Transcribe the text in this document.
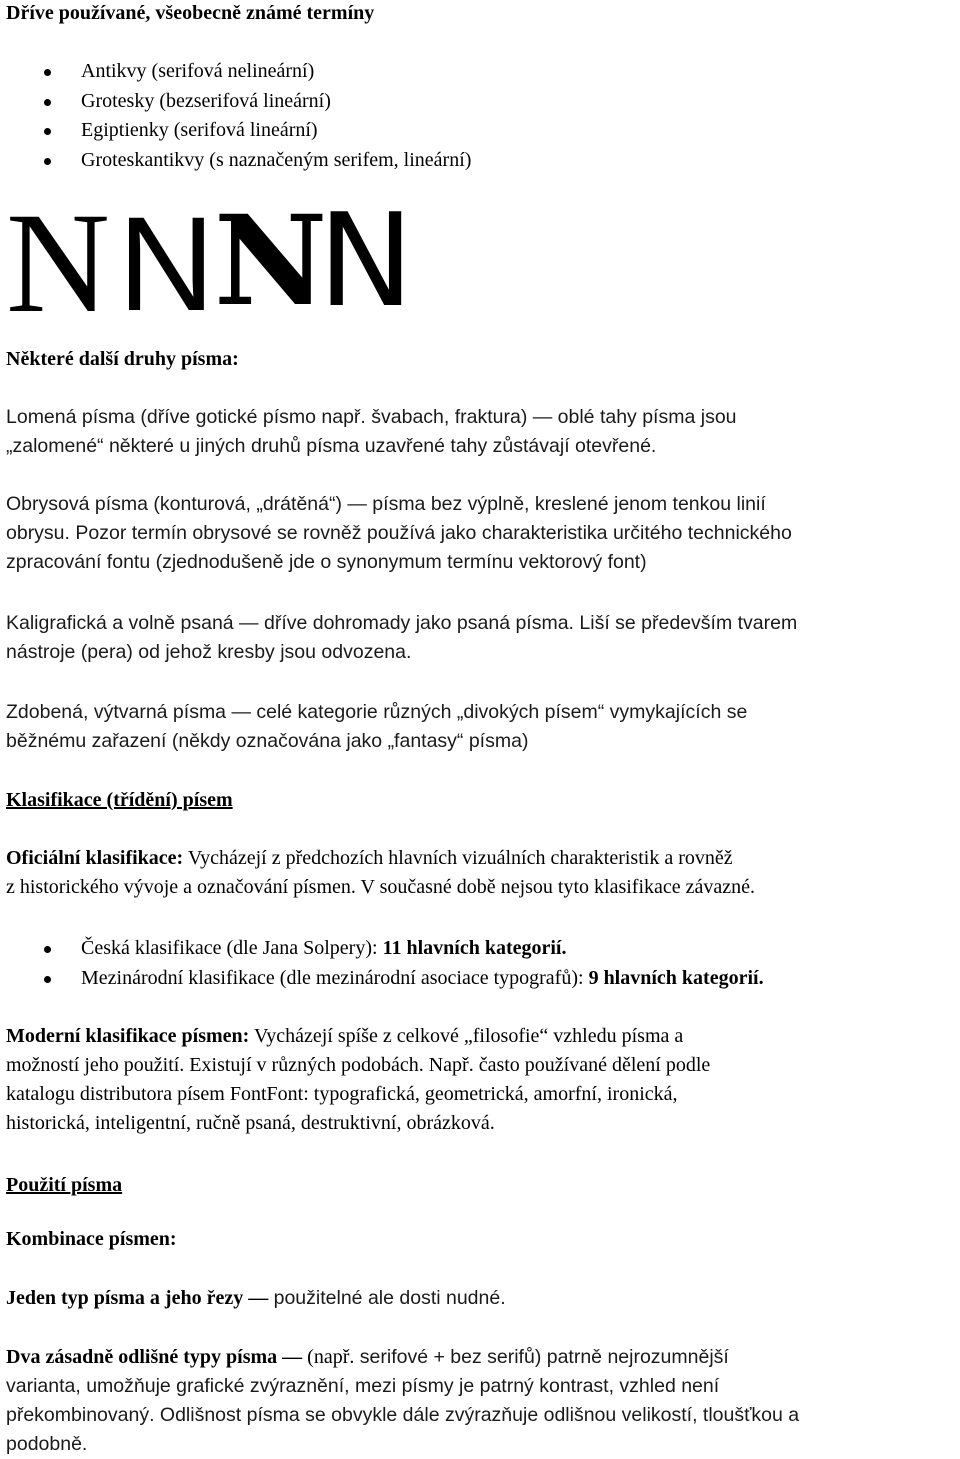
Dříve používané, všeobecně známé termíny
Antikvy (serifová nelineární)
Grotesky (bezserifová lineární)
Egiptienky (serifová lineární)
Groteskantikvy (s naznačeným serifem, lineární)
N N N
N
Některé další druhy písma:

Lomená písma (dříve gotické písmo např. švabach, fraktura) — oblé tahy písma jsou
„zalomené“ některé u jiných druhů písma uzavřené tahy zůstávají otevřené.

Obrysová písma (konturová, „drátěná“) — písma bez výplně, kreslené jenom tenkou linií
obrysu. Pozor termín obrysové se rovněž používá jako charakteristika určitého technického
zpracování fontu (zjednodušeně jde o synonymum termínu vektorový font)

Kaligrafická a volně psaná — dříve dohromady jako psaná písma. Liší se především tvarem
nástroje (pera) od jehož kresby jsou odvozena.

Zdobená, výtvarná písma — celé kategorie různých „divokých písem“ vymykajících se
běžnému zařazení (někdy označována jako „fantasy“ písma)

Klasifikace (třídění) písem

Oficiální klasifikace: Vycházejí z předchozích hlavních vizuálních charakteristik a rovněž
z historického vývoje a označování písmen. V současné době nejsou tyto klasifikace závazné.

Česká klasifikace (dle Jana Solpery): 11 hlavních kategorií.
Mezinárodní klasifikace (dle mezinárodní asociace typografů): 9 hlavních kategorií.

Moderní klasifikace písmen: Vycházejí spíše z celkové „filosofie“ vzhledu písma a
možností jeho použití. Existují v různých podobách. Např. často používané dělení podle
katalogu distributora písem FontFont: typografická, geometrická, amorfní, ironická,
historická, inteligentní, ručně psaná, destruktivní, obrázková.

Použití písma
Kombinace písmen:

Jeden typ písma a jeho řezy — použitelné ale dosti nudné.

Dva zásadně odlišné typy písma — (např. serifové + bez serifů) patrně nejrozumnější
varianta, umožňuje grafické zvýraznění, mezi písmy je patrný kontrast, vzhled není
překombinovaný. Odlišnost písma se obvykle dále zvýrazňuje odlišnou velikostí, tloušťkou a
podobně.
